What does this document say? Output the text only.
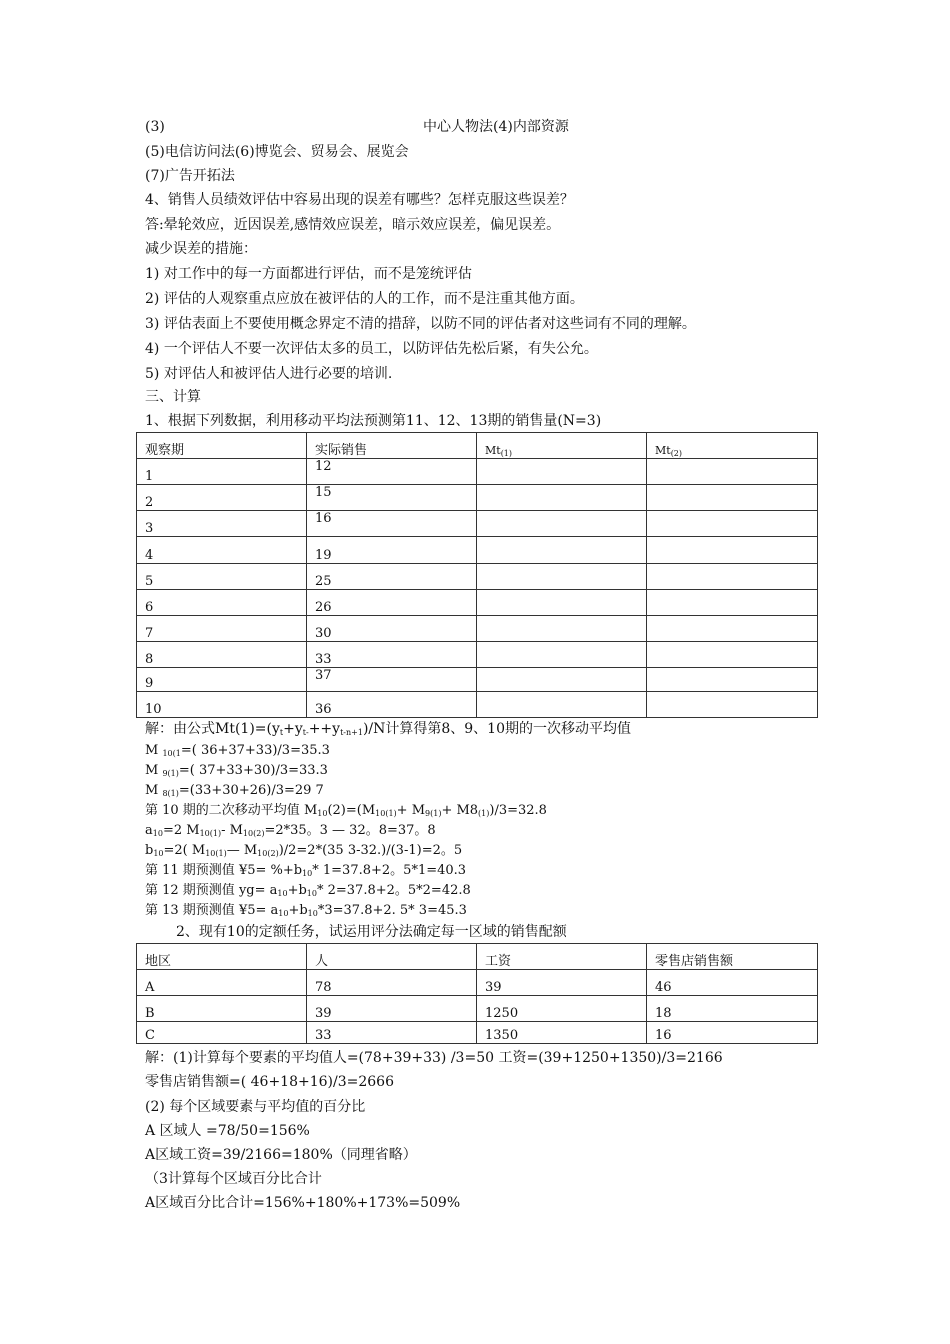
(3)	中心人物法(4)内部资源
(5)电信访问法(6)博览会、贸易会、展览会
(7)广告开拓法
4、销售人员绩效评估中容易出现的误差有哪些？怎样克服这些误差？
答:晕轮效应，近因误差,感情效应误差，暗示效应误差，偏见误差。
减少误差的措施：
1) 对工作中的每一方面都进行评估，而不是笼统评估
2) 评估的人观察重点应放在被评估的人的工作，而不是注重其他方面。
3) 评估表面上不要使用概念界定不清的措辞，以防不同的评估者对这些词有不同的理解。
4) 一个评估人不要一次评估太多的员工，以防评估先松后紧，有失公允。
5) 对评估人和被评估人进行必要的培训.
三、计算
1、根据下列数据，利用移动平均法预测第11、12、13期的销售量(N=3)
观察期	实际销售	$Mt_{(1)}$	$Mt_{(2)}$
1	12		
2	15		
3	16		
4	19		
5	25		
6	26		
7	30		
8	33		
9	37		
10	36		
解：由公式$Mt(1)=(y_t+y_{t-}++y_{t-n+1})/N$计算得第8、9、10期的一次移动平均值
M $_{10(1}$=( 36+37+33)/3=35.3
M $_{9(1)}$=( 37+33+30)/3=33.3
M $_{8(1)}$=(33+30+26)/3=29 7
第 10 期的二次移动平均值 $M_{10}(2)=(M_{10(1)}+ M_{9(1)}+ M8_{(1)})/3=32.8$
$a_{10}=2$ $M_{10(1)}-$ $M_{10(2)}=2*35$。3 — 32。8=37。8
$b_{10}=2$( $M_{10(1)}—$ $M_{10(2)})/2=2*(35$ 3-32.)/(3-1)=2。5
第 11 期预测值 ¥5= $\%+b_{10}*$ 1=37.8+2。5*1=40.3
第 12 期预测值 $yg= a_{10}+b_{10}*$ 2=37.8+2。5*2=42.8
第 13 期预测值 ¥5= $a_{10}+b_{10}*3=37.8+2$. 5* 3=45.3
2、现有10的定额任务，试运用评分法确定每一区域的销售配额
地区	人	工资	零售店销售额
A	78	39	46
B	39	1250	18
C	33	1350	16
解：(1)计算每个要素的平均值人=(78+39+33) /3=50 工资=(39+1250+1350)/3=2166
零售店销售额=( 46+18+16)/3=2666
(2) 每个区域要素与平均值的百分比
A 区域人 =78/50=156%
A区域工资=39/2166=180%（同理省略）
（3计算每个区域百分比合计
A区域百分比合计=156%+180%+173%=509%
